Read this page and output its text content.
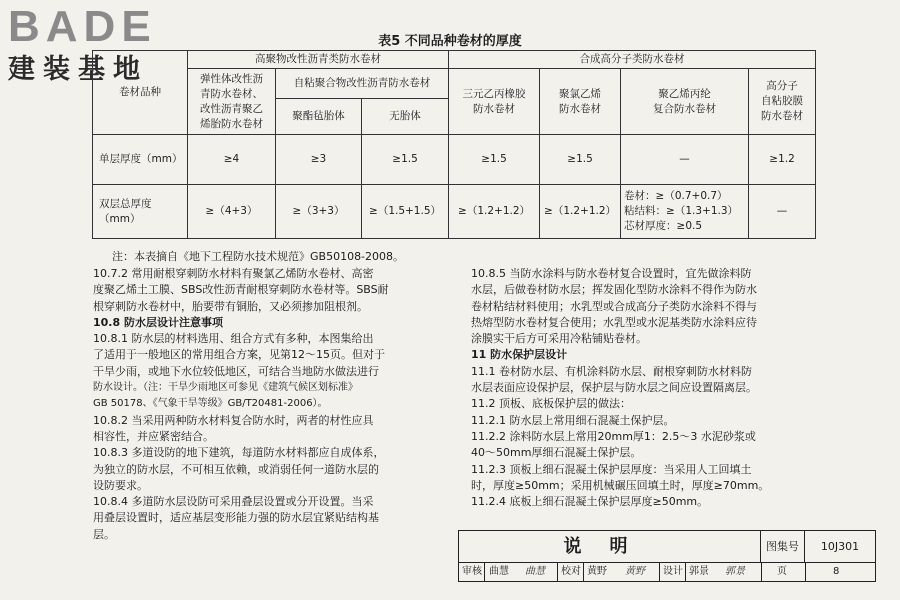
BADE
建装基地
表5 不同品种卷材的厚度
卷材品种	高聚物改性沥青类防水卷材			合成高分子类防水卷材			
	弹性体改性沥
青防水卷材、
改性沥青聚乙
烯胎防水卷材	自粘聚合物改性沥青防水卷材		三元乙丙橡胶
防水卷材	聚氯乙烯
防水卷材	聚乙烯丙纶
复合防水卷材	高分子
自粘胶膜
防水卷材
		聚酯毡胎体	无胎体				
单层厚度（mm）	≥4	≥3	≥1.5	≥1.5	≥1.5	—	≥1.2
双层总厚度（mm）	≥（4+3）	≥（3+3）	≥（1.5+1.5）	≥（1.2+1.2）	≥（1.2+1.2）	卷材：≥（0.7+0.7）
粘结料：≥（1.3+1.3）
芯材厚度：≥0.5	—
注：本表摘自《地下工程防水技术规范》GB50108-2008。

10.7.2 常用耐根穿刺防水材料有聚氯乙烯防水卷材、高密

度聚乙烯土工膜、SBS改性沥青耐根穿刺防水卷材等。SBS耐

根穿刺防水卷材中，胎要带有铜胎，又必须掺加阻根剂。

10.8 防水层设计注意事项

10.8.1 防水层的材料选用、组合方式有多种，本图集给出

了适用于一般地区的常用组合方案，见第12～15页。但对于

干旱少雨，或地下水位较低地区，可结合当地防水做法进行

防水设计。（注：干旱少雨地区可参见《建筑气候区划标准》

GB 50178、《气象干旱等级》GB/T20481-2006）。

10.8.2 当采用两种防水材料复合防水时，两者的材性应具

相容性，并应紧密结合。

10.8.3 多道设防的地下建筑，每道防水材料都应自成体系，

为独立的防水层，不可相互依赖，或消弱任何一道防水层的

设防要求。

10.8.4 多道防水层设防可采用叠层设置或分开设置。当采

用叠层设置时，适应基层变形能力强的防水层宜紧贴结构基

层。

10.8.5 当防水涂料与防水卷材复合设置时，宜先做涂料防

水层，后做卷材防水层；挥发固化型防水涂料不得作为防水

卷材粘结材料使用；水乳型或合成高分子类防水涂料不得与

热熔型防水卷材复合使用；水乳型或水泥基类防水涂料应待

涂膜实干后方可采用冷粘铺贴卷材。

11 防水保护层设计

11.1 卷材防水层、有机涂料防水层、耐根穿刺防水材料防

水层表面应设保护层，保护层与防水层之间应设置隔离层。

11.2 顶板、底板保护层的做法：

11.2.1 防水层上常用细石混凝土保护层。

11.2.2 涂料防水层上常用20mm厚1：2.5～3 水泥砂浆或

40～50mm厚细石混凝土保护层。

11.2.3 顶板上细石混凝土保护层厚度：当采用人工回填土

时，厚度≥50mm；采用机械碾压回填土时，厚度≥70mm。

11.2.4 底板上细石混凝土保护层厚度≥50mm。

说明	图集号	10J301
审核 曲慧 曲慧 校对 黄野 黄野 设计 郭景 郭景	页	8
